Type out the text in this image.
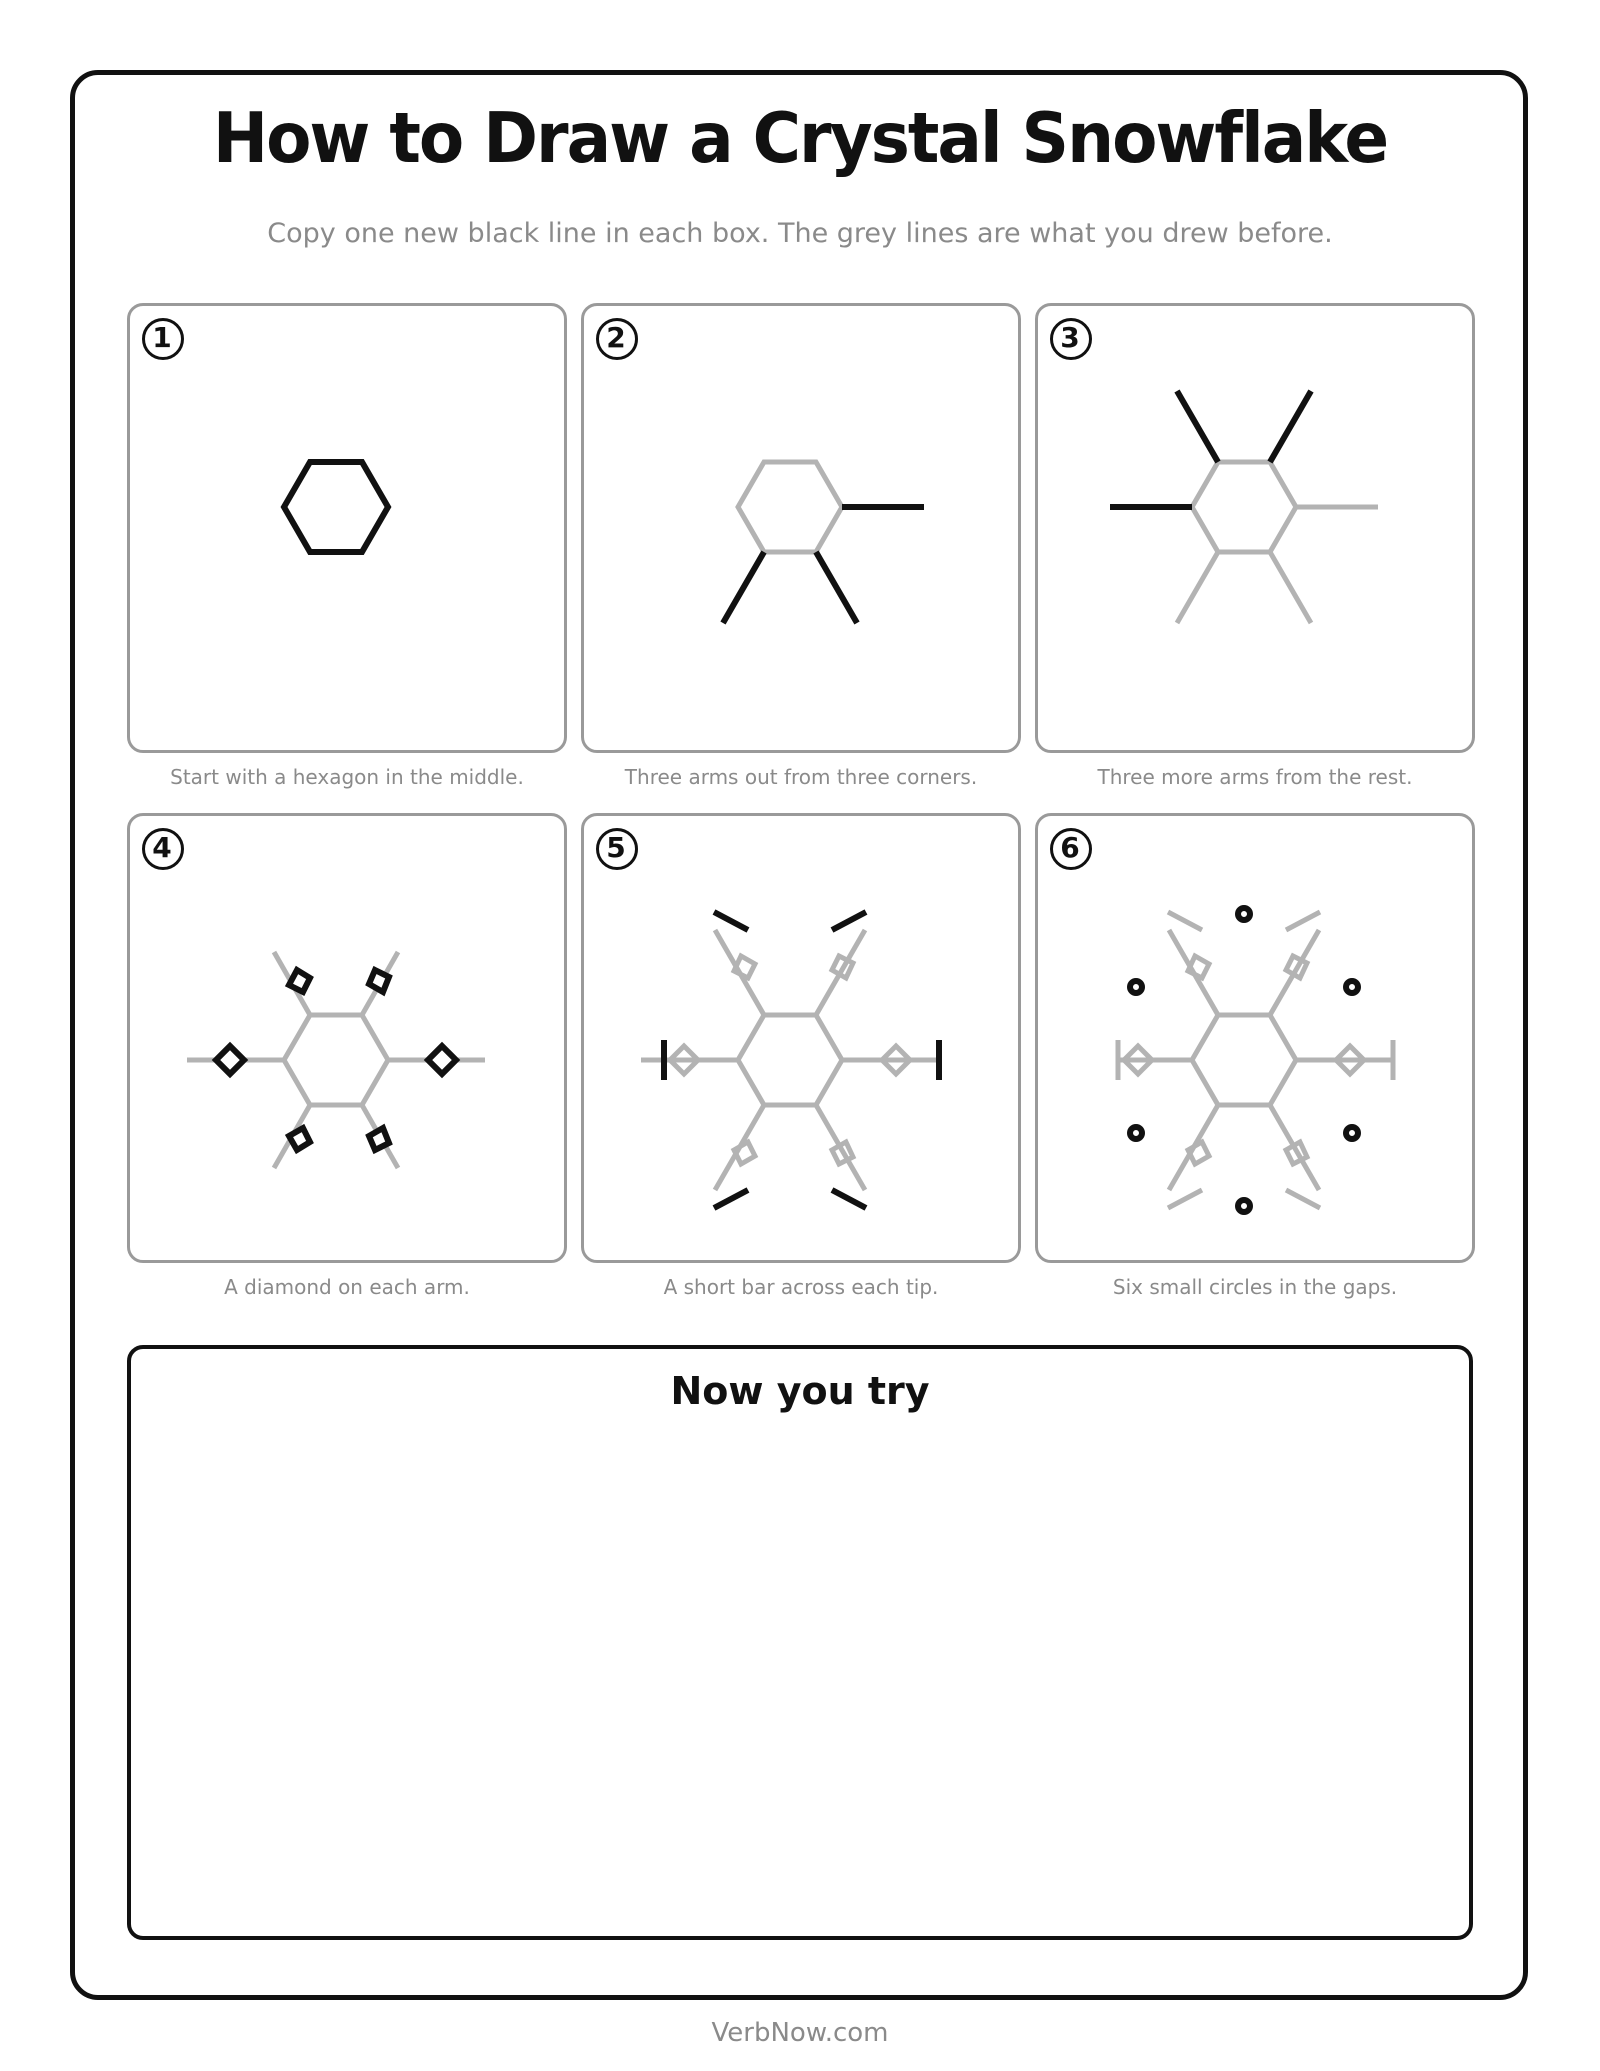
How to Draw a Crystal Snowflake
Copy one new black line in each box. The grey lines are what you drew before.
1
Start with a hexagon in the middle.
2
Three arms out from three corners.
3
Three more arms from the rest.
4
A diamond on each arm.
5
A short bar across each tip.
6
Six small circles in the gaps.
Now you try
VerbNow.com
